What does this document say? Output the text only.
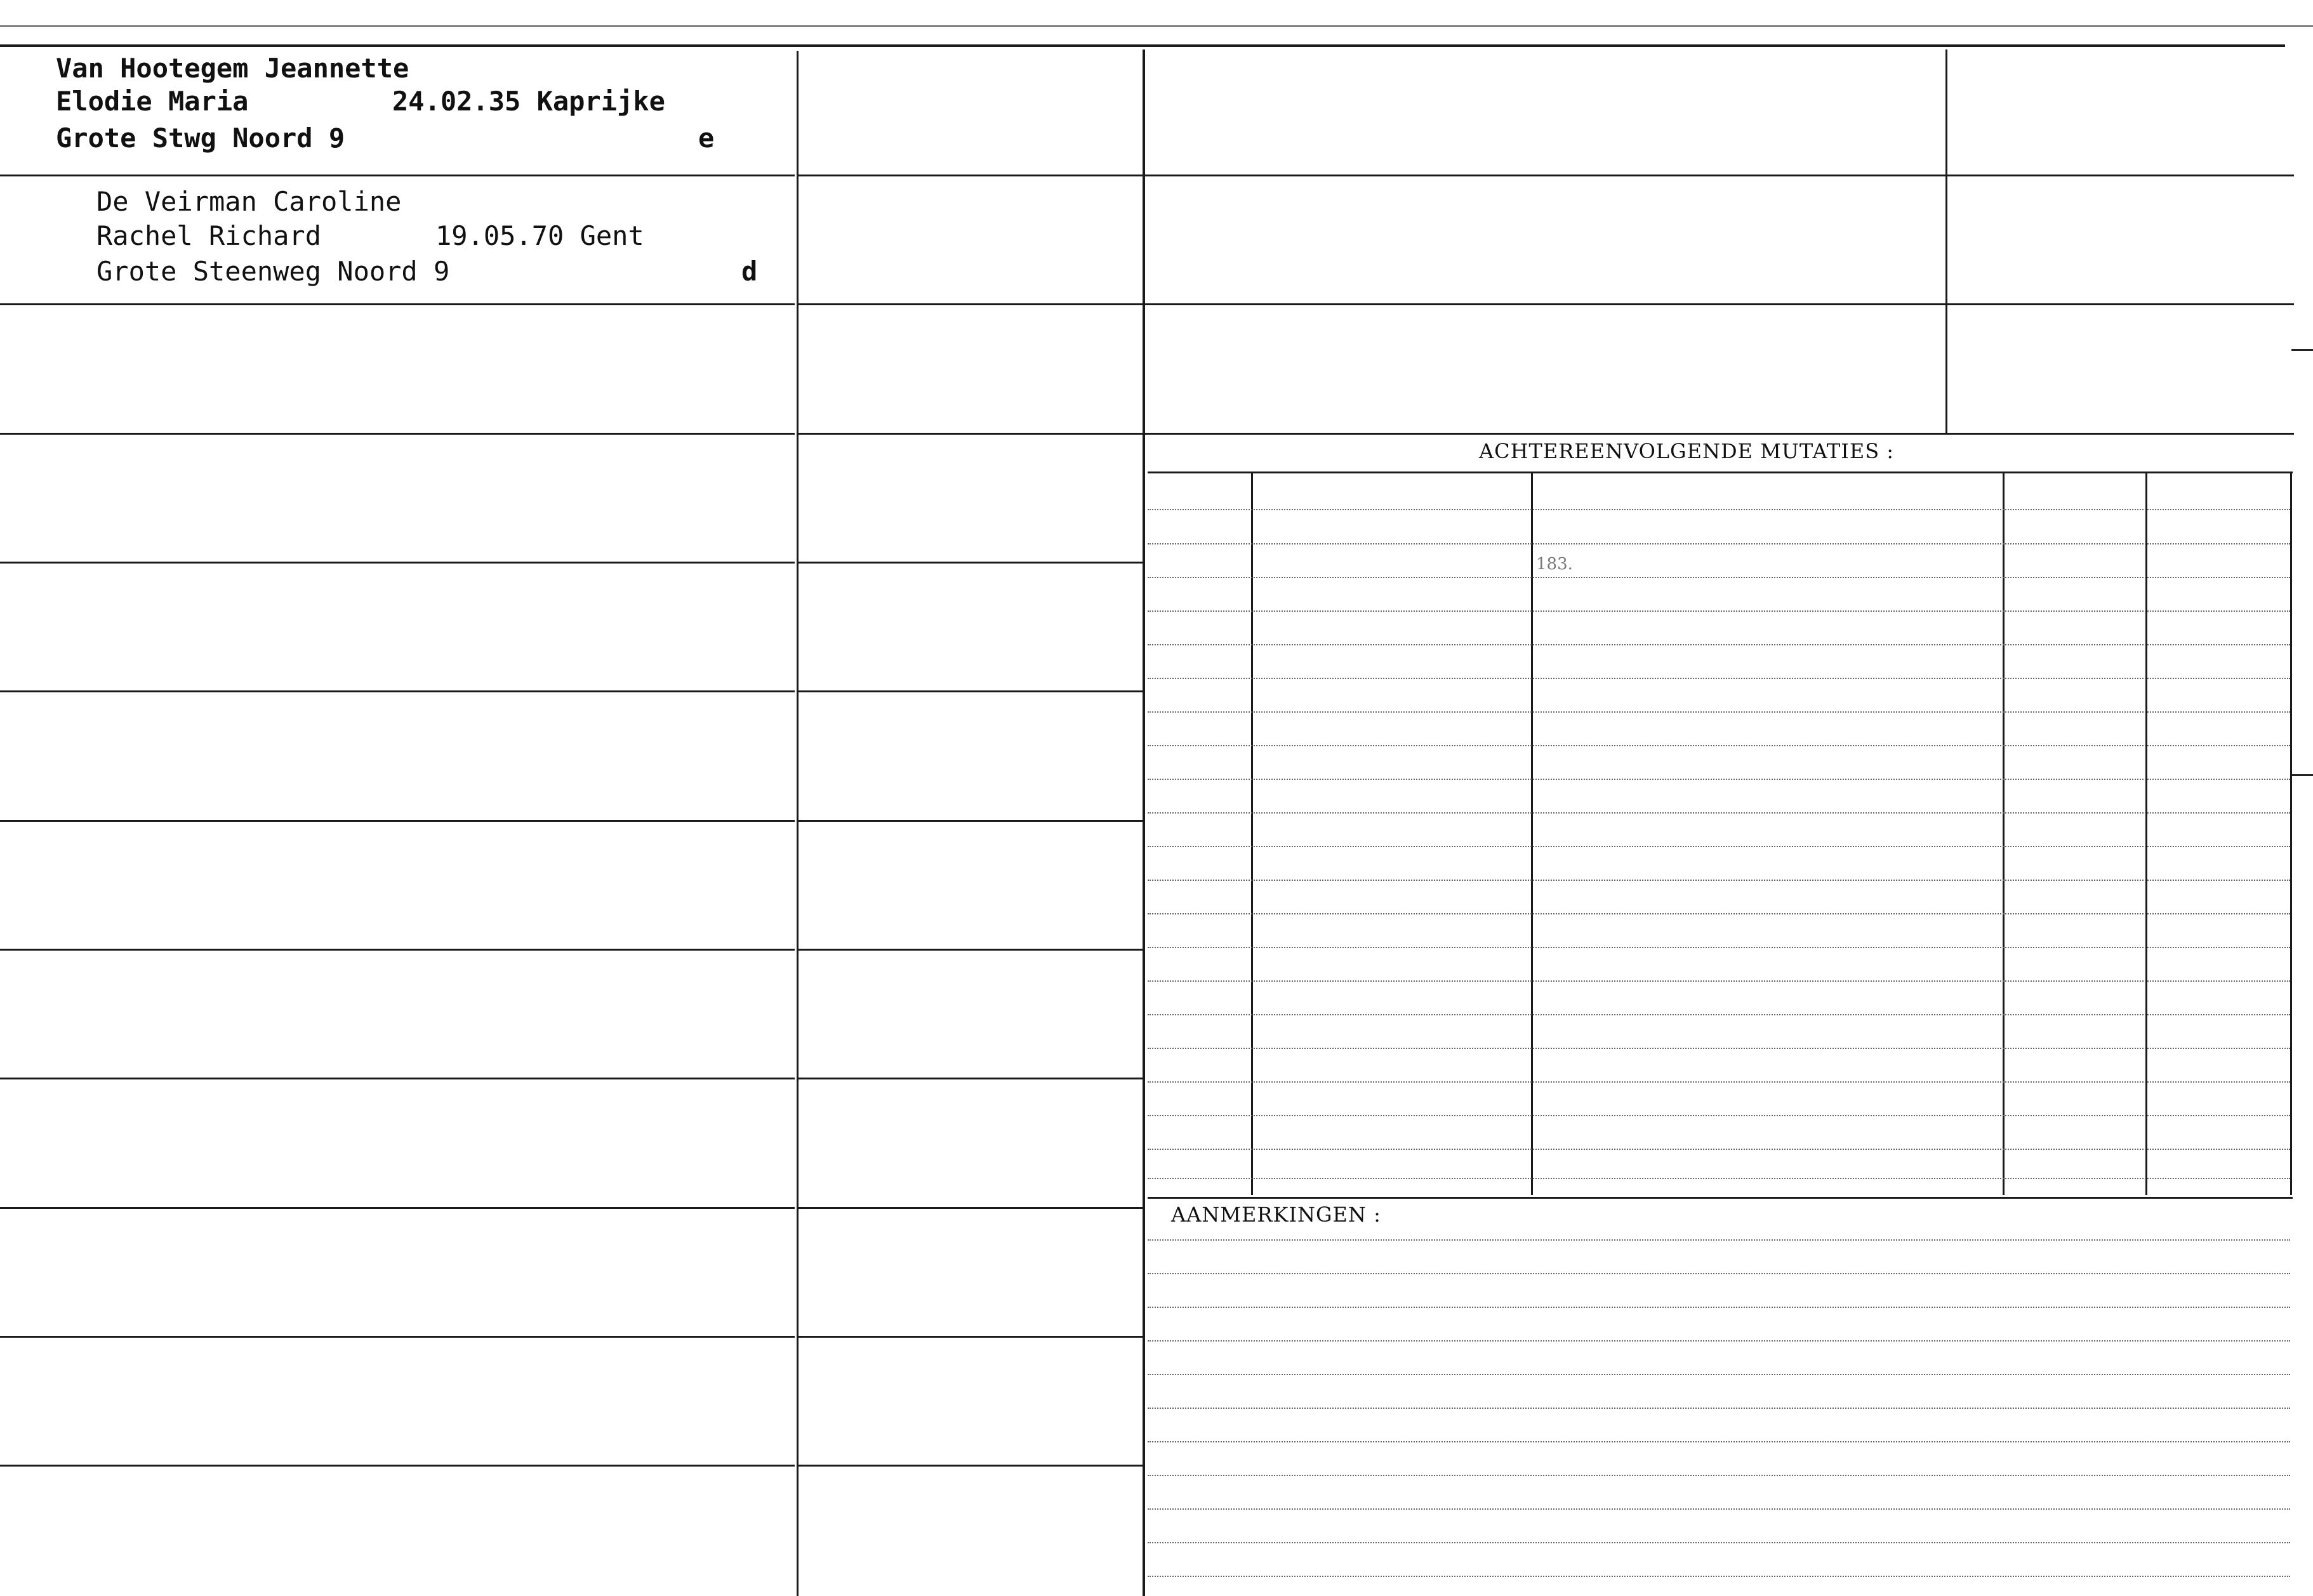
ACHTEREENVOLGENDE MUTATIES :
183.
AANMERKINGEN :
Van Hootegem Jeannette
Elodie Maria	24.02.35 Kaprijke
Grote Stwg Noord 9	e
De Veirman Caroline
Rachel Richard	19.05.70 Gent
Grote Steenweg Noord 9	d
